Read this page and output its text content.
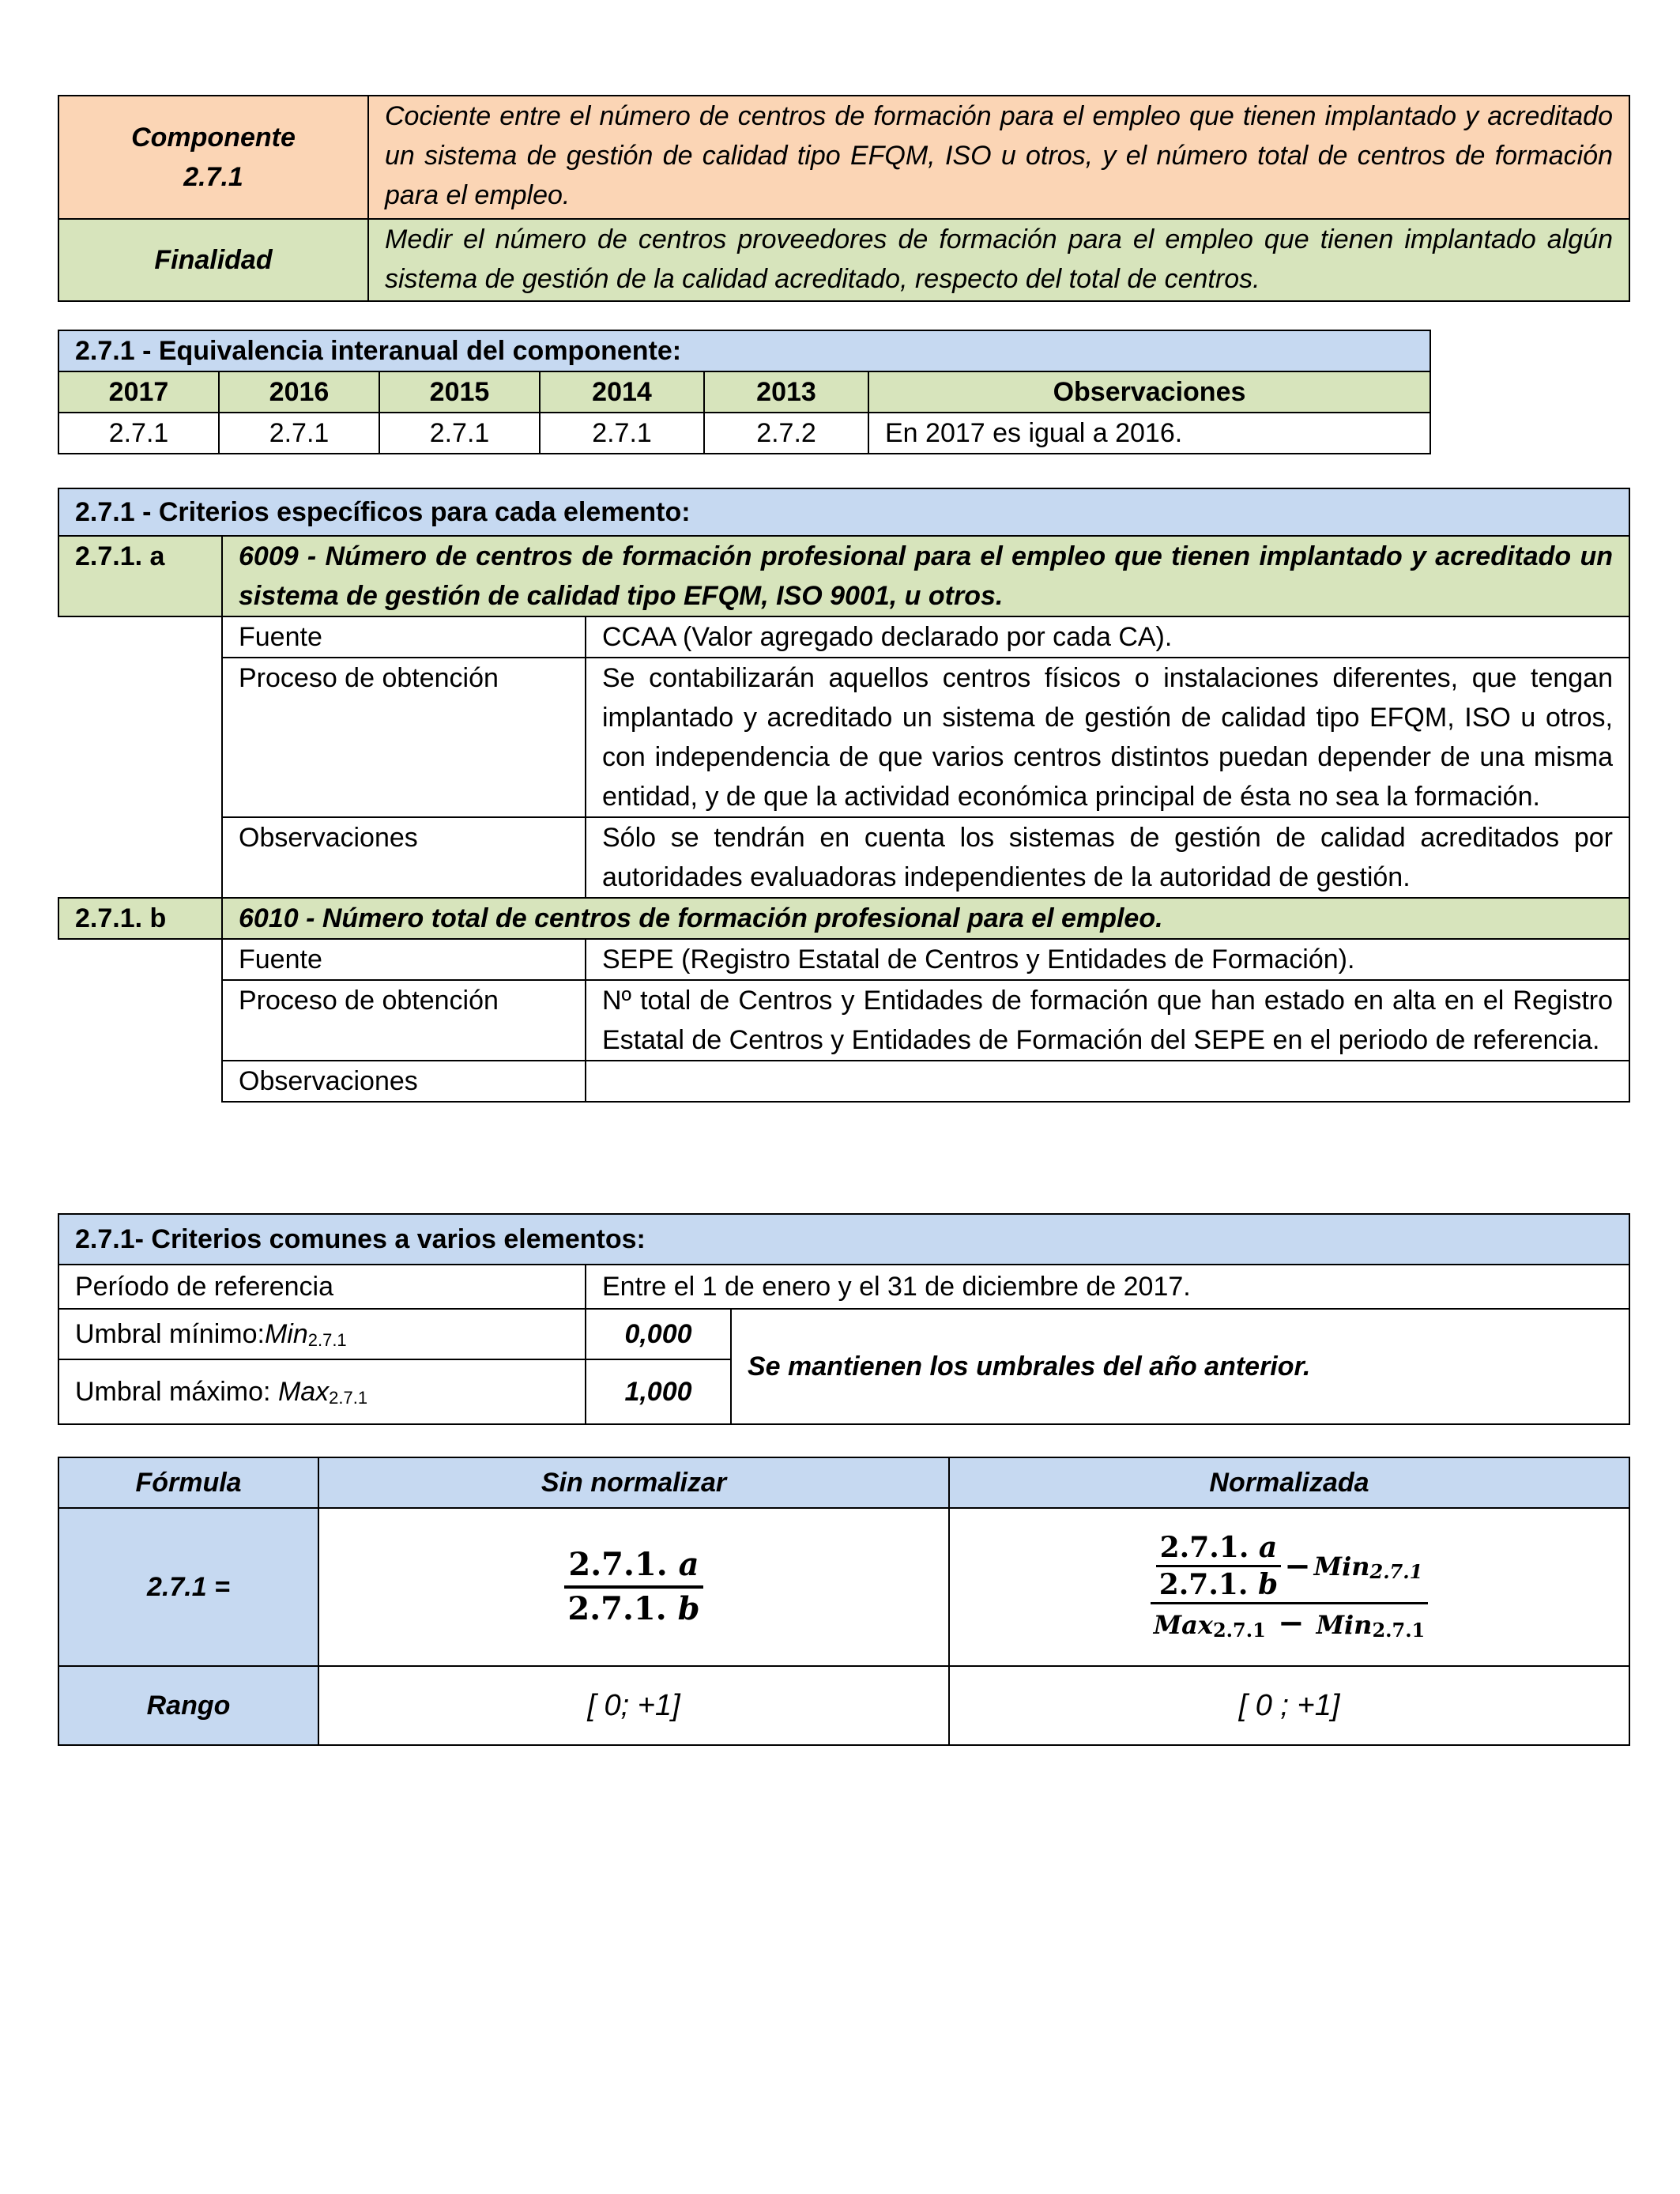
Componente
2.7.1	Cociente entre el número de centros de formación para el empleo que tienen implantado y acreditado un sistema de gestión de calidad tipo EFQM, ISO u otros, y el número total de centros de formación para el empleo.
Finalidad	Medir el número de centros proveedores de formación para el empleo que tienen implantado algún sistema de gestión de la calidad acreditado, respecto del total de centros.
2.7.1 - Equivalencia interanual del componente:					
2017	2016	2015	2014	2013	Observaciones
2.7.1	2.7.1	2.7.1	2.7.1	2.7.2	En 2017 es igual a 2016.
2.7.1 - Criterios específicos para cada elemento:		
2.7.1. a	6009 - Número de centros de formación profesional para el empleo que tienen implantado y acreditado un sistema de gestión de calidad tipo EFQM, ISO 9001, u otros.	
	Fuente	CCAA (Valor agregado declarado por cada CA).
	Proceso de obtención	Se contabilizarán aquellos centros físicos o instalaciones diferentes, que tengan implantado y acreditado un sistema de gestión de calidad tipo EFQM, ISO u otros, con independencia de que varios centros distintos puedan depender de una misma entidad, y de que la actividad económica principal de ésta no sea la formación.
	Observaciones	Sólo se tendrán en cuenta los sistemas de gestión de calidad acreditados por autoridades evaluadoras independientes de la autoridad de gestión.
2.7.1. b	6010 - Número total de centros de formación profesional para el empleo.	
	Fuente	SEPE (Registro Estatal de Centros y Entidades de Formación).
	Proceso de obtención	Nº total de Centros y Entidades de formación que han estado en alta en el Registro Estatal de Centros y Entidades de Formación del SEPE en el periodo de referencia.
	Observaciones	
2.7.1- Criterios comunes a varios elementos:		
Período de referencia	Entre el 1 de enero y el 31 de diciembre de 2017.	
Umbral mínimo:Min$_{2.7.1}$	0,000	Se mantienen los umbrales del año anterior.
Umbral máximo: Max$_{2.7.1}$	1,000	
Fórmula	Sin normalizar	Normalizada
2.7.1 =	$\frac{2.7.1. a}{2.7.1. b}$	$\frac{2.7.1. a}{2.7.1. b} - Min_{2.7.1}$
Max$_{2.7.1}$ − Min$_{2.7.1}$

Rango	[ 0; +1]	[ 0 ; +1]
